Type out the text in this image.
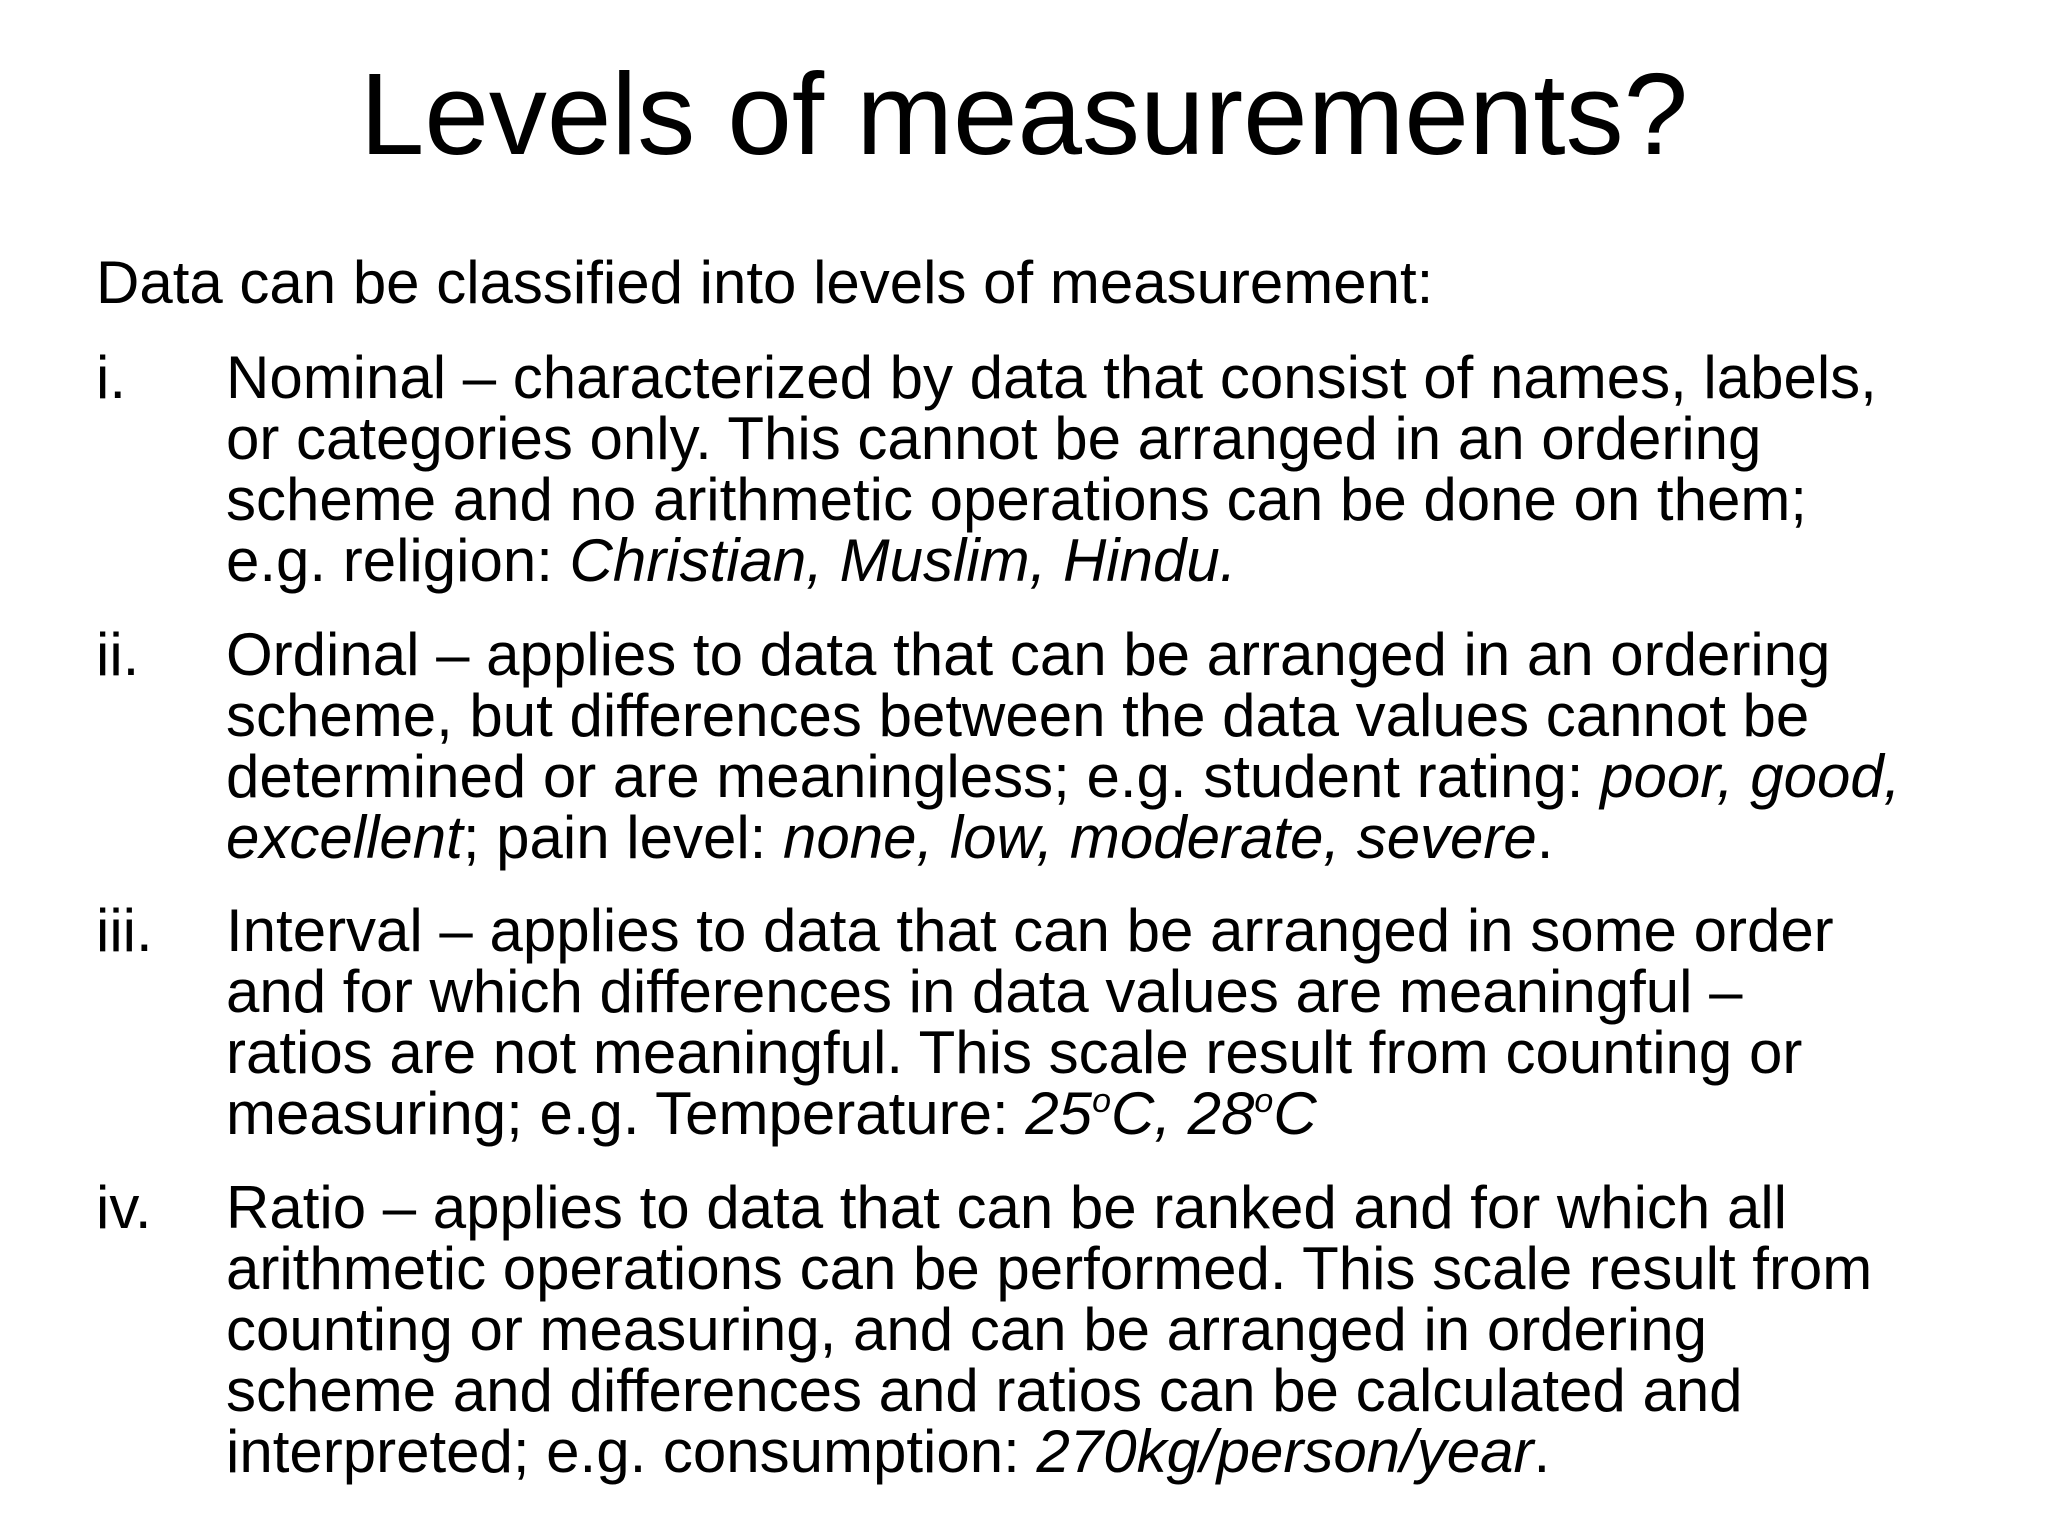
Levels of measurements?

Data can be classified into levels of measurement:

i. Nominal – characterized by data that consist of names, labels,
or categories only. This cannot be arranged in an ordering
scheme and no arithmetic operations can be done on them;
e.g. religion: Christian, Muslim, Hindu.
ii. Ordinal – applies to data that can be arranged in an ordering
scheme, but differences between the data values cannot be
determined or are meaningless; e.g. student rating: poor, good,
excellent; pain level: none, low, moderate, severe.
iii. Interval – applies to data that can be arranged in some order
and for which differences in data values are meaningful –
ratios are not meaningful. This scale result from counting or
measuring; e.g. Temperature: 25$^o$C, 28$^o$C
iv. Ratio – applies to data that can be ranked and for which all
arithmetic operations can be performed. This scale result from
counting or measuring, and can be arranged in ordering
scheme and differences and ratios can be calculated and
interpreted; e.g. consumption: 270kg/person/year.
